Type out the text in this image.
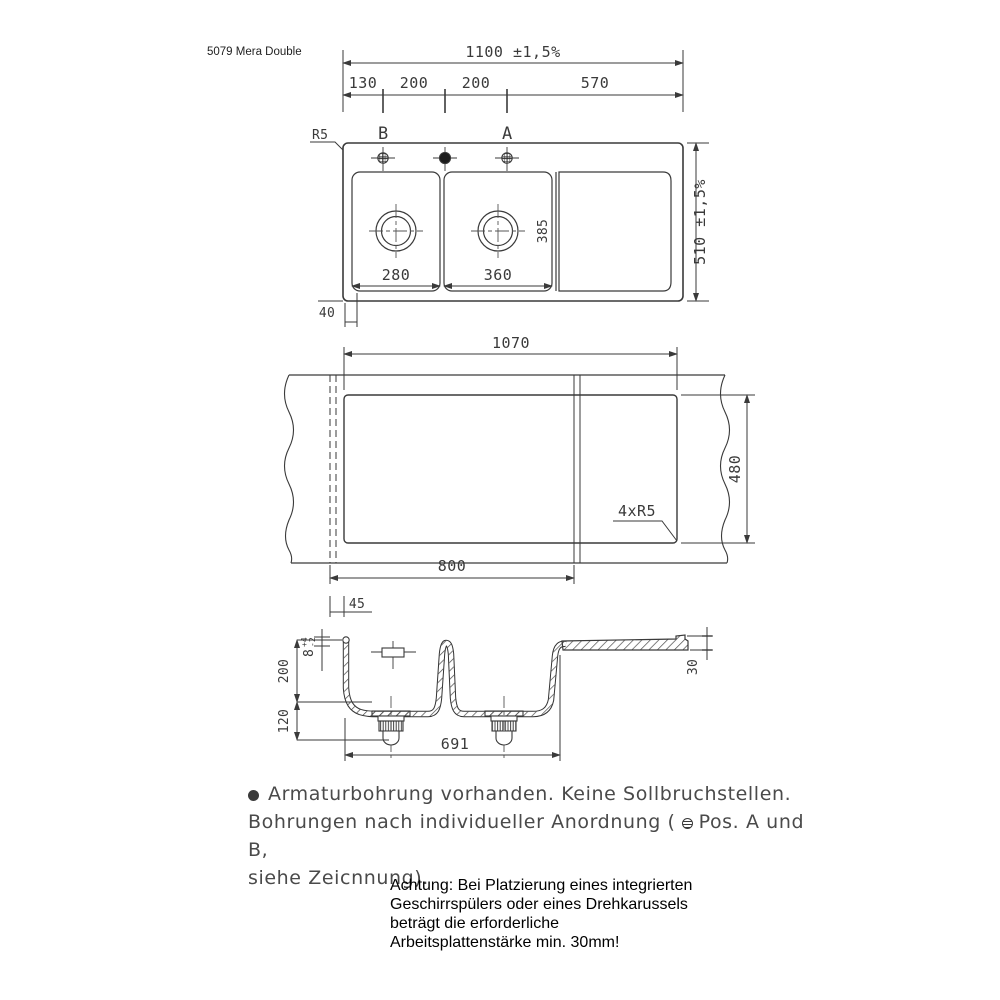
5079 Mera Double	1100 ±1,5%
130 200 200	570
B	A
R5
280	360
385	510 ±1,5%
40
1070
480
4xR5
800
45
200
120
8
+4 -2
30
691
Armaturbohrung vorhanden. Keine Sollbruchstellen.
Bohrungen nach individueller Anordnung ( Pos. A und B,
siehe Zeicnnung).
Achtung: Bei Platzierung eines integrierten
Geschirrspülers oder eines Drehkarussels
beträgt die erforderliche
Arbeitsplattenstärke min. 30mm!
